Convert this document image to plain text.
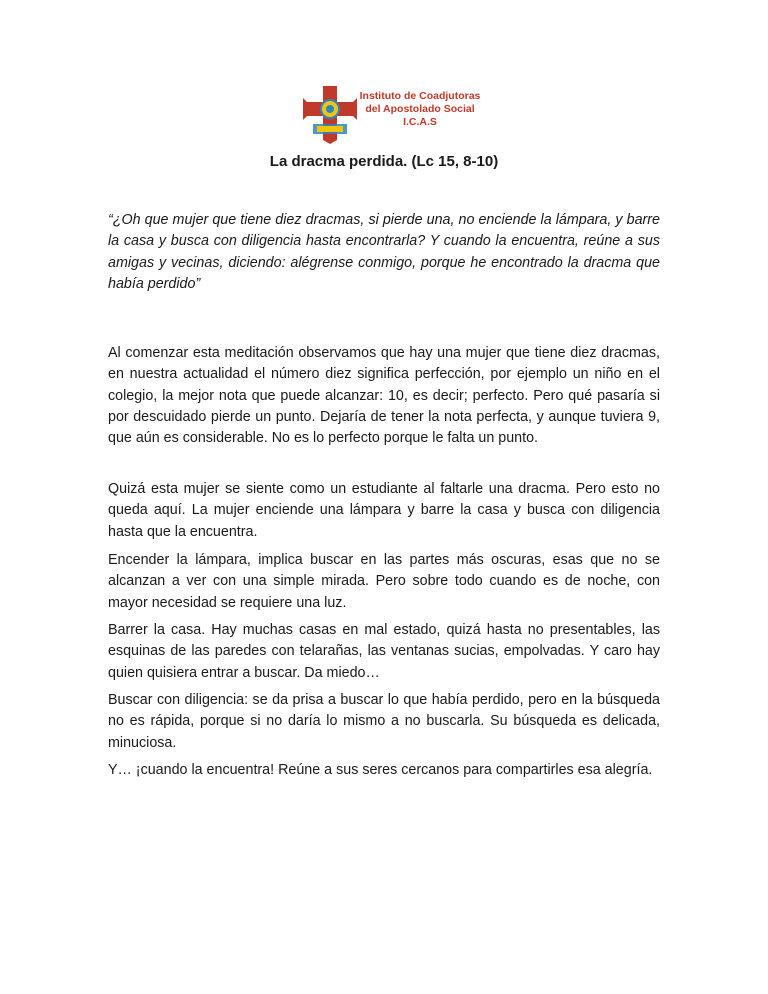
Instituto de Coadjutoras
del Apostolado Social
I.C.A.S
La dracma perdida. (Lc 15, 8-10)
“¿Oh que mujer que tiene diez dracmas, si pierde una, no enciende la lámpara, y barre la casa y busca con diligencia hasta encontrarla? Y cuando la encuentra, reúne a sus amigas y vecinas, diciendo: alégrense conmigo, porque he encontrado la dracma que había perdido”
Al comenzar esta meditación observamos que hay una mujer que tiene diez dracmas, en nuestra actualidad el número diez significa perfección, por ejemplo un niño en el colegio, la mejor nota que puede alcanzar: 10, es decir; perfecto. Pero qué pasaría si por descuidado pierde un punto. Dejaría de tener la nota perfecta, y aunque tuviera 9, que aún es considerable. No es lo perfecto porque le falta un punto.
Quizá esta mujer se siente como un estudiante al faltarle una dracma. Pero esto no queda aquí. La mujer enciende una lámpara y barre la casa y busca con diligencia hasta que la encuentra.
Encender la lámpara, implica buscar en las partes más oscuras, esas que no se alcanzan a ver con una simple mirada. Pero sobre todo cuando es de noche, con mayor necesidad se requiere una luz.
Barrer la casa. Hay muchas casas en mal estado, quizá hasta no presentables, las esquinas de las paredes con telarañas, las ventanas sucias, empolvadas. Y caro hay quien quisiera entrar a buscar. Da miedo…
Buscar con diligencia: se da prisa a buscar lo que había perdido, pero en la búsqueda no es rápida, porque si no daría lo mismo a no buscarla. Su búsqueda es delicada, minuciosa.
Y… ¡cuando la encuentra! Reúne a sus seres cercanos para compartirles esa alegría.
